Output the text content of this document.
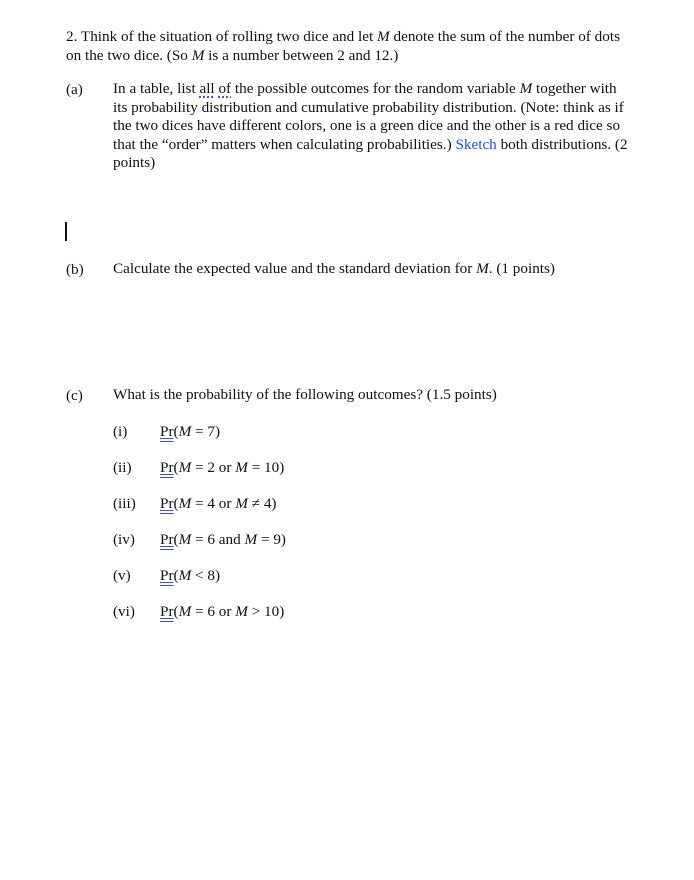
2. Think of the situation of rolling two dice and let M denote the sum of the number of dots on the two dice. (So M is a number between 2 and 12.)
(a) In a table, list all of the possible outcomes for the random variable M together with its probability distribution and cumulative probability distribution. (Note: think as if the two dices have different colors, one is a green dice and the other is a red dice so that the “order” matters when calculating probabilities.) Sketch both distributions. (2 points)
(b) Calculate the expected value and the standard deviation for M. (1 points)
(c) What is the probability of the following outcomes? (1.5 points)
(i) Pr(M = 7)
(ii) Pr(M = 2 or M = 10)
(iii) Pr(M = 4 or M ≠ 4)
(iv) Pr(M = 6 and M = 9)
(v) Pr(M < 8)
(vi) Pr(M = 6 or M > 10)
